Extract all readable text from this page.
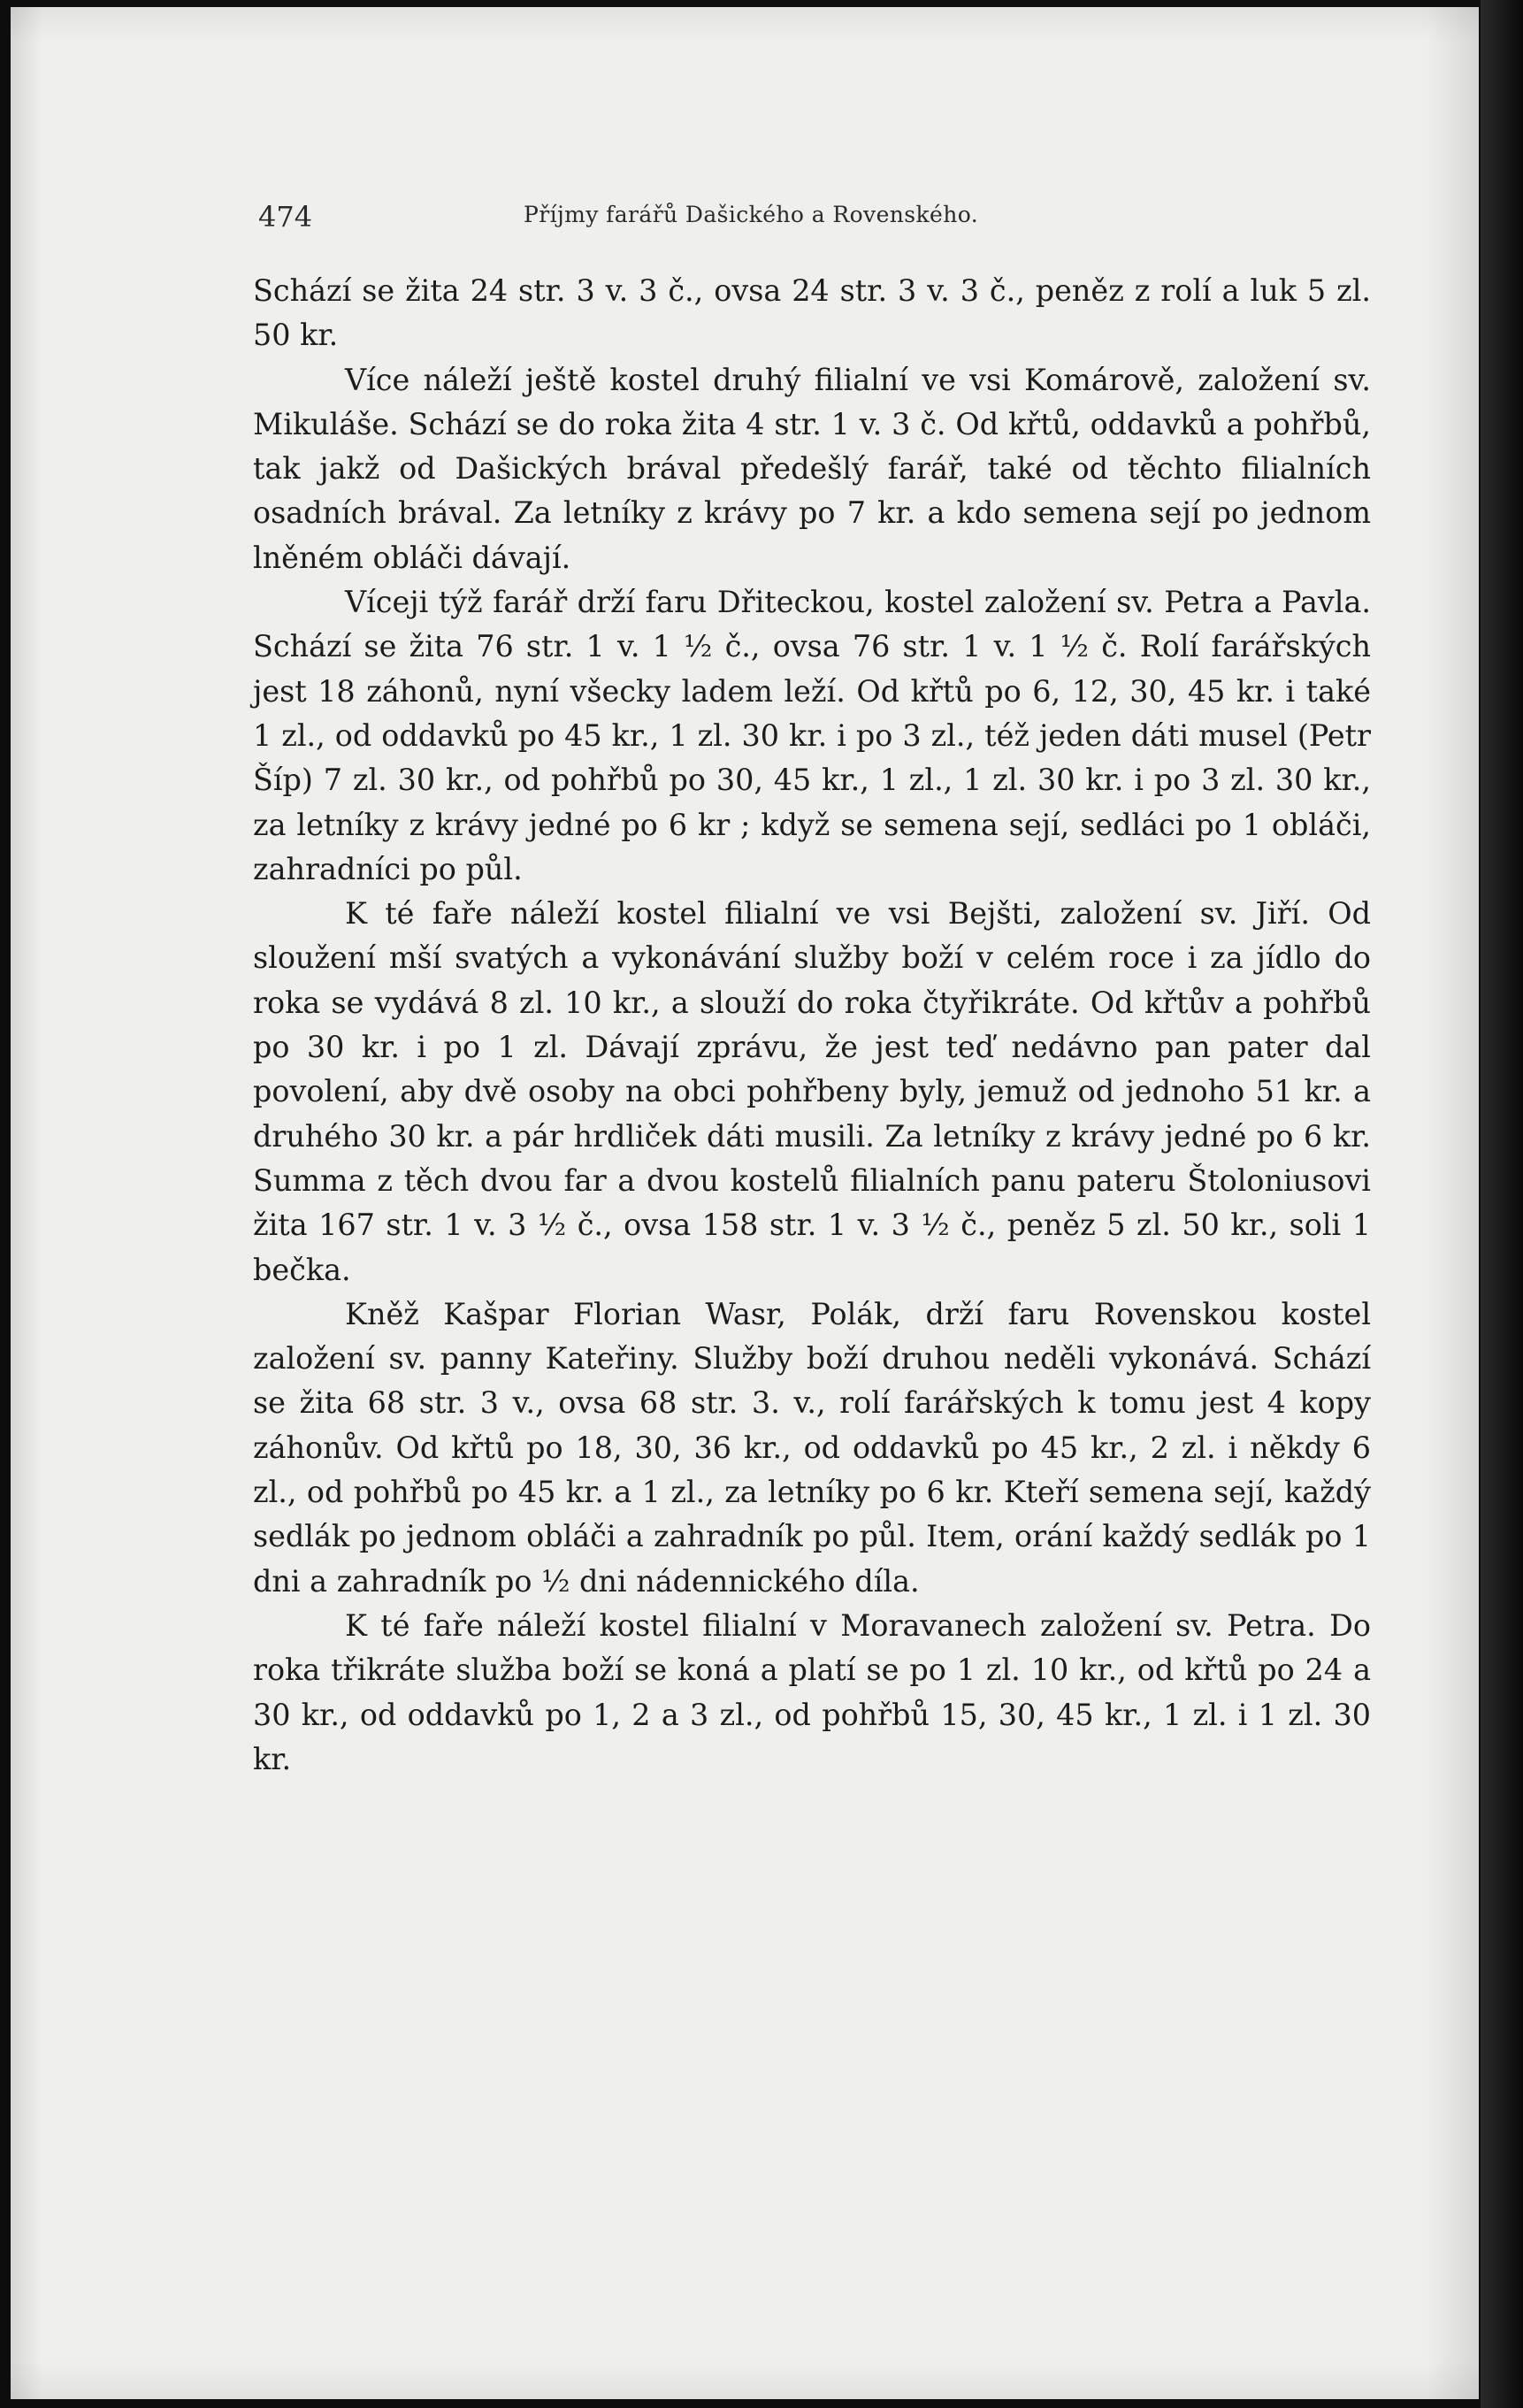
474	Příjmy farářů Dašického a Rovenského.

Schází se žita 24 str. 3 v. 3 č., ovsa 24 str. 3 v. 3 č., peněz z rolí a luk 5 zl. 50 kr.

Více náleží ještě kostel druhý filialní ve vsi Komárově, založení sv. Mikuláše. Schází se do roka žita 4 str. 1 v. 3 č. Od křtů, oddavků a pohřbů, tak jakž od Dašických brával předešlý farář, také od těchto filialních osadních brával. Za letníky z krávy po 7 kr. a kdo semena sejí po jednom lněném obláči dávají.

Víceji týž farář drží faru Dřiteckou, kostel založení sv. Petra a Pavla. Schází se žita 76 str. 1 v. 1 ½ č., ovsa 76 str. 1 v. 1 ½ č. Rolí farářských jest 18 záhonů, nyní všecky ladem leží. Od křtů po 6, 12, 30, 45 kr. i také 1 zl., od oddavků po 45 kr., 1 zl. 30 kr. i po 3 zl., též jeden dáti musel (Petr Šíp) 7 zl. 30 kr., od pohřbů po 30, 45 kr., 1 zl., 1 zl. 30 kr. i po 3 zl. 30 kr., za letníky z krávy jedné po 6 kr ; když se semena sejí, sedláci po 1 obláči, zahradníci po půl.

K té faře náleží kostel filialní ve vsi Bejšti, založení sv. Jiří. Od sloužení mší svatých a vykonávání služby boží v celém roce i za jídlo do roka se vydává 8 zl. 10 kr., a slouží do roka čtyřikráte. Od křtův a pohřbů po 30 kr. i po 1 zl. Dávají zprávu, že jest teď nedávno pan pater dal povolení, aby dvě osoby na obci pohřbeny byly, jemuž od jednoho 51 kr. a druhého 30 kr. a pár hrdliček dáti musili. Za letníky z krávy jedné po 6 kr. Summa z těch dvou far a dvou kostelů filialních panu pateru Štoloniusovi žita 167 str. 1 v. 3 ½ č., ovsa 158 str. 1 v. 3 ½ č., peněz 5 zl. 50 kr., soli 1 bečka.

Kněž Kašpar Florian Wasr, Polák, drží faru Rovenskou kostel založení sv. panny Kateřiny. Služby boží druhou neděli vykonává. Schází se žita 68 str. 3 v., ovsa 68 str. 3. v., rolí farářských k tomu jest 4 kopy záhonův. Od křtů po 18, 30, 36 kr., od oddavků po 45 kr., 2 zl. i někdy 6 zl., od pohřbů po 45 kr. a 1 zl., za letníky po 6 kr. Kteří semena sejí, každý sedlák po jednom obláči a zahradník po půl. Item, orání každý sedlák po 1 dni a zahradník po ½ dni nádennického díla.

K té faře náleží kostel filialní v Moravanech založení sv. Petra. Do roka třikráte služba boží se koná a platí se po 1 zl. 10 kr., od křtů po 24 a 30 kr., od oddavků po 1, 2 a 3 zl., od pohřbů 15, 30, 45 kr., 1 zl. i 1 zl. 30 kr.
